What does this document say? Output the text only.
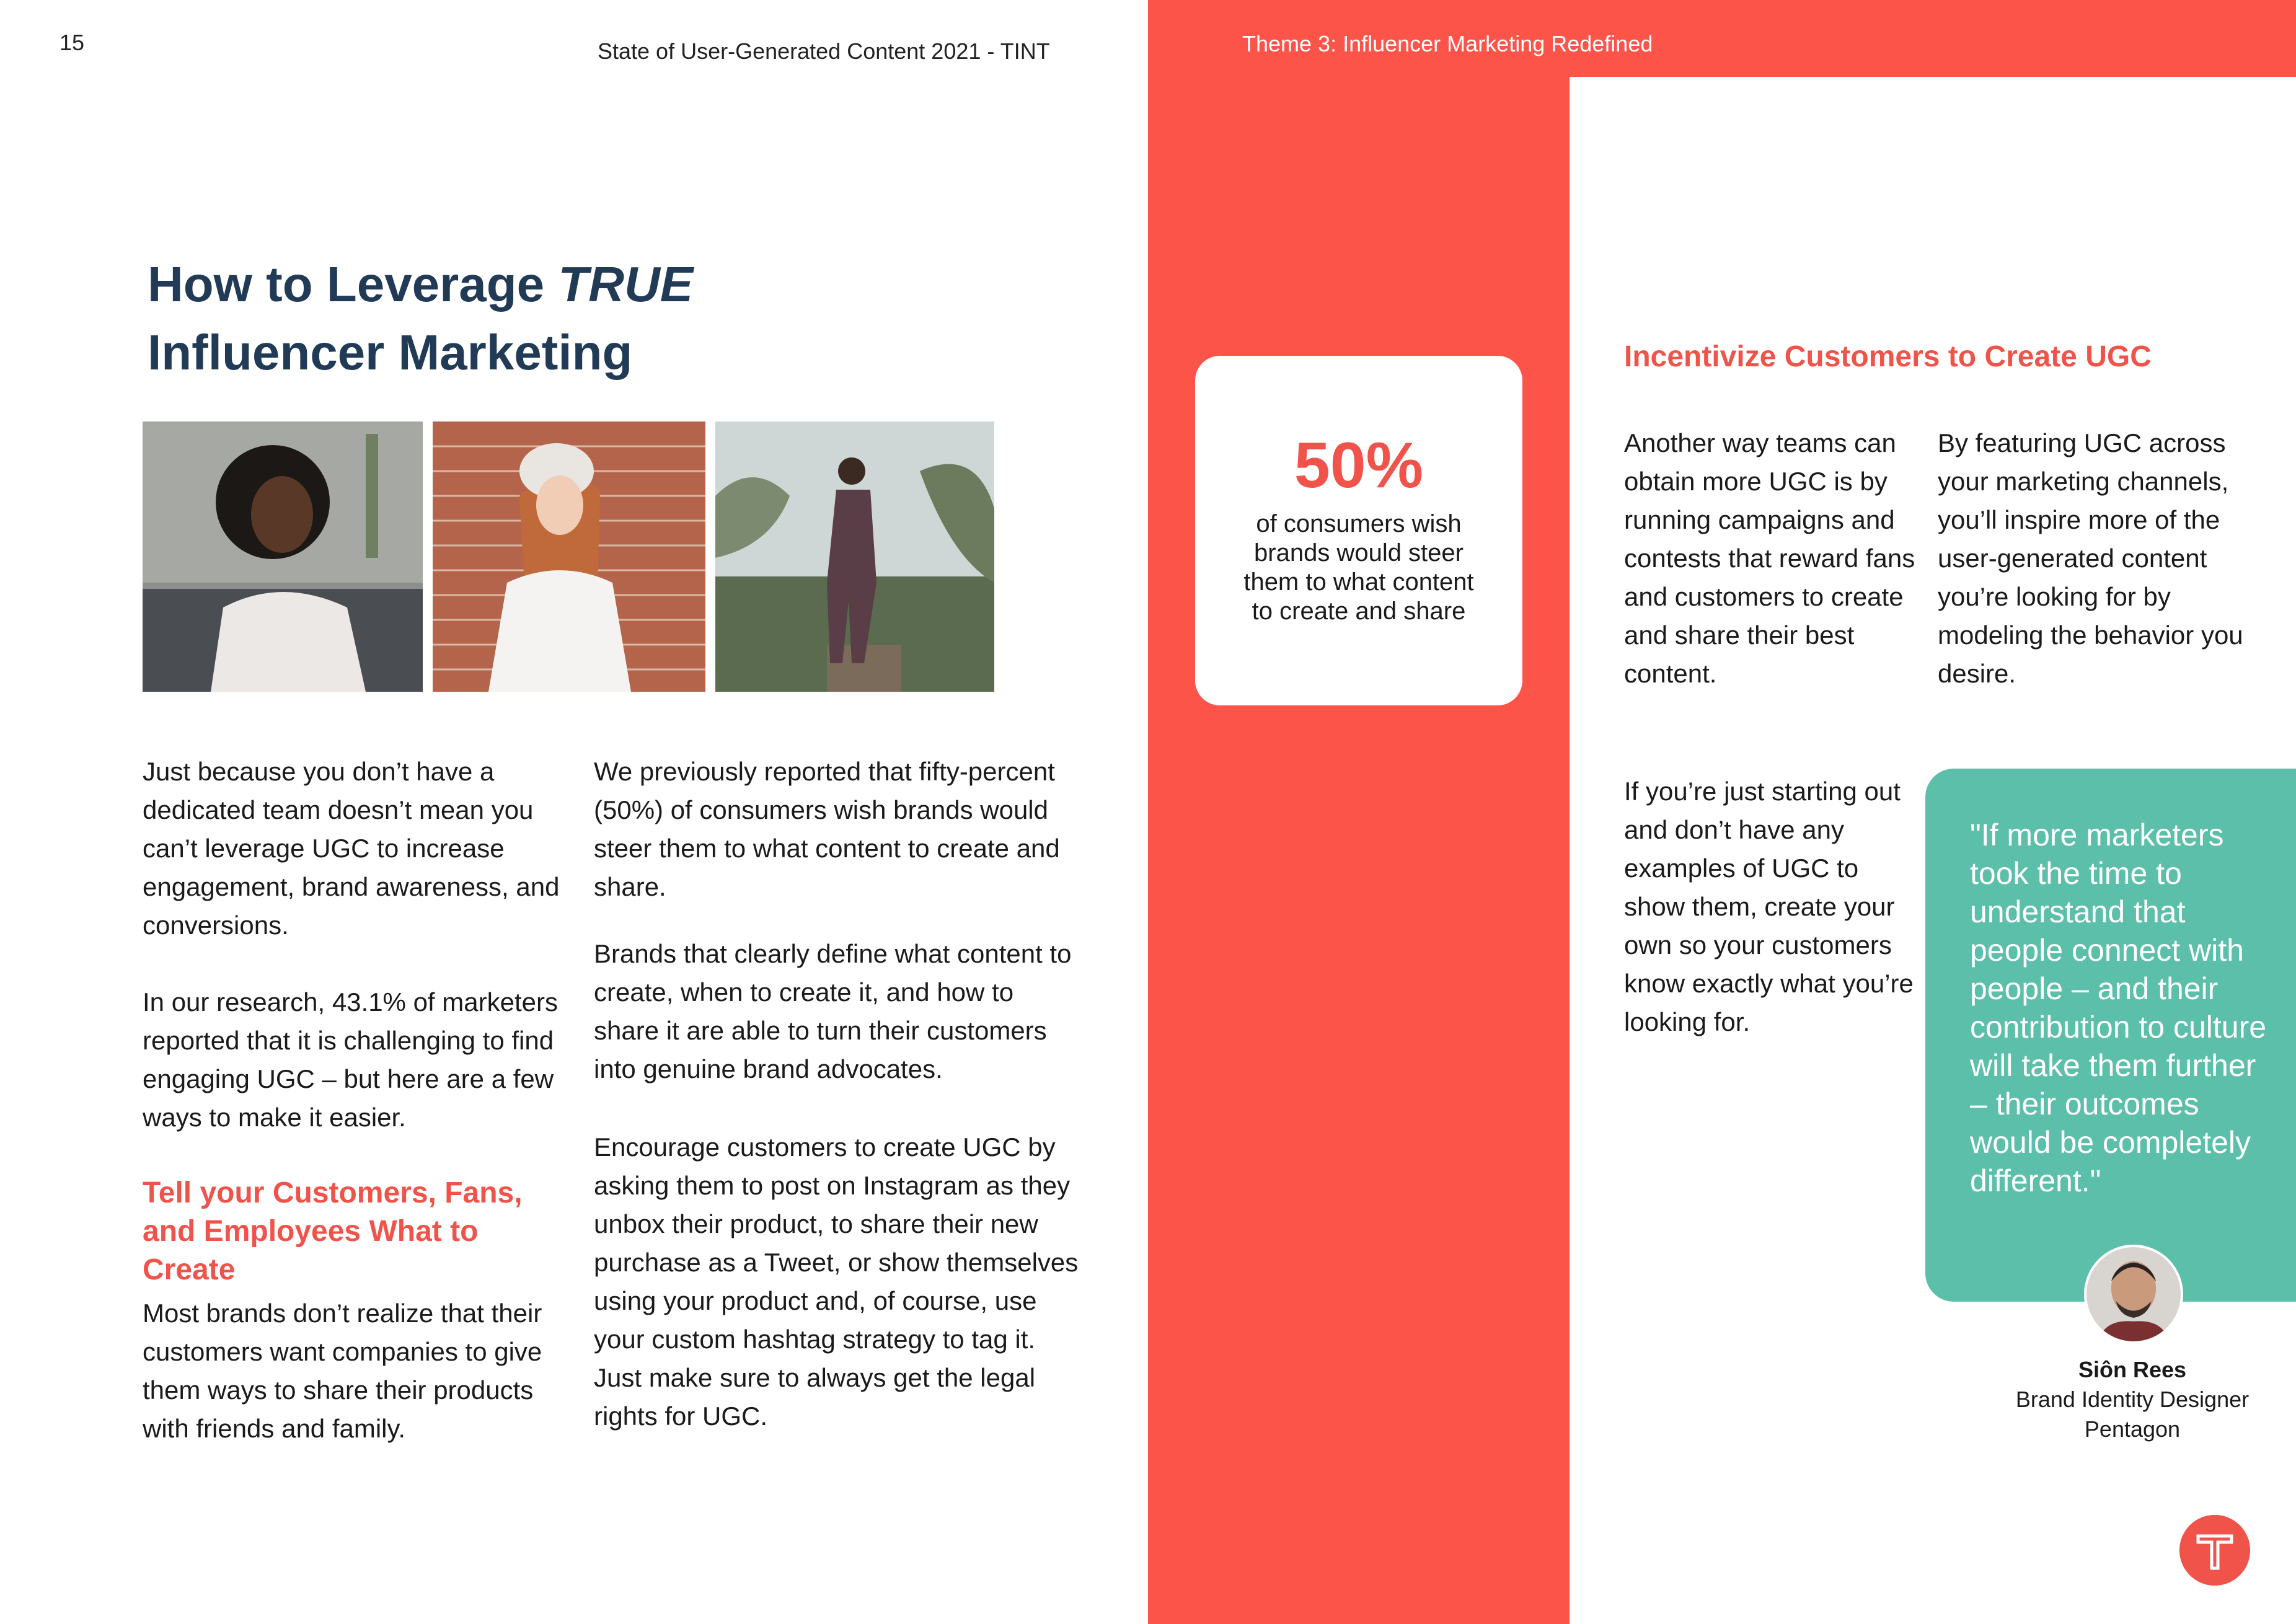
15	State of User-Generated Content 2021 - TINT
How to Leverage TRUE
Influencer Marketing
Just because you don’t have a dedicated team doesn’t mean you can’t leverage UGC to increase engagement, brand awareness, and conversions.
In our research, 43.1% of marketers reported that it is challenging to find engaging UGC – but here are a few ways to make it easier.
Tell your Customers, Fans, and Employees What to Create
Most brands don’t realize that their customers want companies to give them ways to share their products with friends and family.
We previously reported that fifty-percent (50%) of consumers wish brands would steer them to what content to create and share.
Brands that clearly define what content to create, when to create it, and how to share it are able to turn their customers into genuine brand advocates.
Encourage customers to create UGC by asking them to post on Instagram as they unbox their product, to share their new purchase as a Tweet, or show themselves using your product and, of course, use your custom hashtag strategy to tag it. Just make sure to always get the legal rights for UGC.
Theme 3: Influencer Marketing Redefined
50%
of consumers wish brands would steer them to what content to create and share
Incentivize Customers to Create UGC
Another way teams can obtain more UGC is by running campaigns and contests that reward fans and customers to create and share their best content.
If you’re just starting out and don’t have any examples of UGC to show them, create your own so your customers know exactly what you’re looking for.
By featuring UGC across your marketing channels, you’ll inspire more of the user-generated content you’re looking for by modeling the behavior you desire.
"If more marketers took the time to understand that people connect with people – and their contribution to culture will take them further – their outcomes would be completely different."
Siôn Rees
Brand Identity Designer
Pentagon
